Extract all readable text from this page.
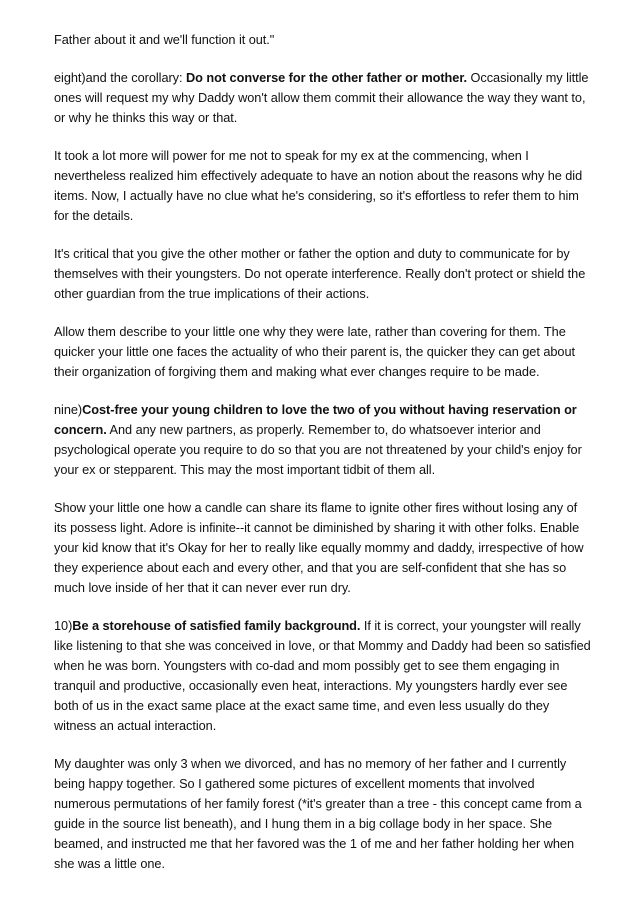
Father about it and we'll function it out."

eight)and the corollary: Do not converse for the other father or mother. Occasionally my little ones will request my why Daddy won't allow them commit their allowance the way they want to, or why he thinks this way or that.

It took a lot more will power for me not to speak for my ex at the commencing, when I nevertheless realized him effectively adequate to have an notion about the reasons why he did items. Now, I actually have no clue what he's considering, so it's effortless to refer them to him for the details.

It's critical that you give the other mother or father the option and duty to communicate for by themselves with their youngsters. Do not operate interference. Really don't protect or shield the other guardian from the true implications of their actions.

Allow them describe to your little one why they were late, rather than covering for them. The quicker your little one faces the actuality of who their parent is, the quicker they can get about their organization of forgiving them and making what ever changes require to be made.

nine)Cost-free your young children to love the two of you without having reservation or concern. And any new partners, as properly. Remember to, do whatsoever interior and psychological operate you require to do so that you are not threatened by your child's enjoy for your ex or stepparent. This may the most important tidbit of them all.

Show your little one how a candle can share its flame to ignite other fires without losing any of its possess light. Adore is infinite--it cannot be diminished by sharing it with other folks. Enable your kid know that it's Okay for her to really like equally mommy and daddy, irrespective of how they experience about each and every other, and that you are self-confident that she has so much love inside of her that it can never ever run dry.

10)Be a storehouse of satisfied family background. If it is correct, your youngster will really like listening to that she was conceived in love, or that Mommy and Daddy had been so satisfied when he was born. Youngsters with co-dad and mom possibly get to see them engaging in tranquil and productive, occasionally even heat, interactions. My youngsters hardly ever see both of us in the exact same place at the exact same time, and even less usually do they witness an actual interaction.

My daughter was only 3 when we divorced, and has no memory of her father and I currently being happy together. So I gathered some pictures of excellent moments that involved numerous permutations of her family forest (*it's greater than a tree - this concept came from a guide in the source list beneath), and I hung them in a big collage body in her space. She beamed, and instructed me that her favored was the 1 of me and her father holding her when she was a little one.
